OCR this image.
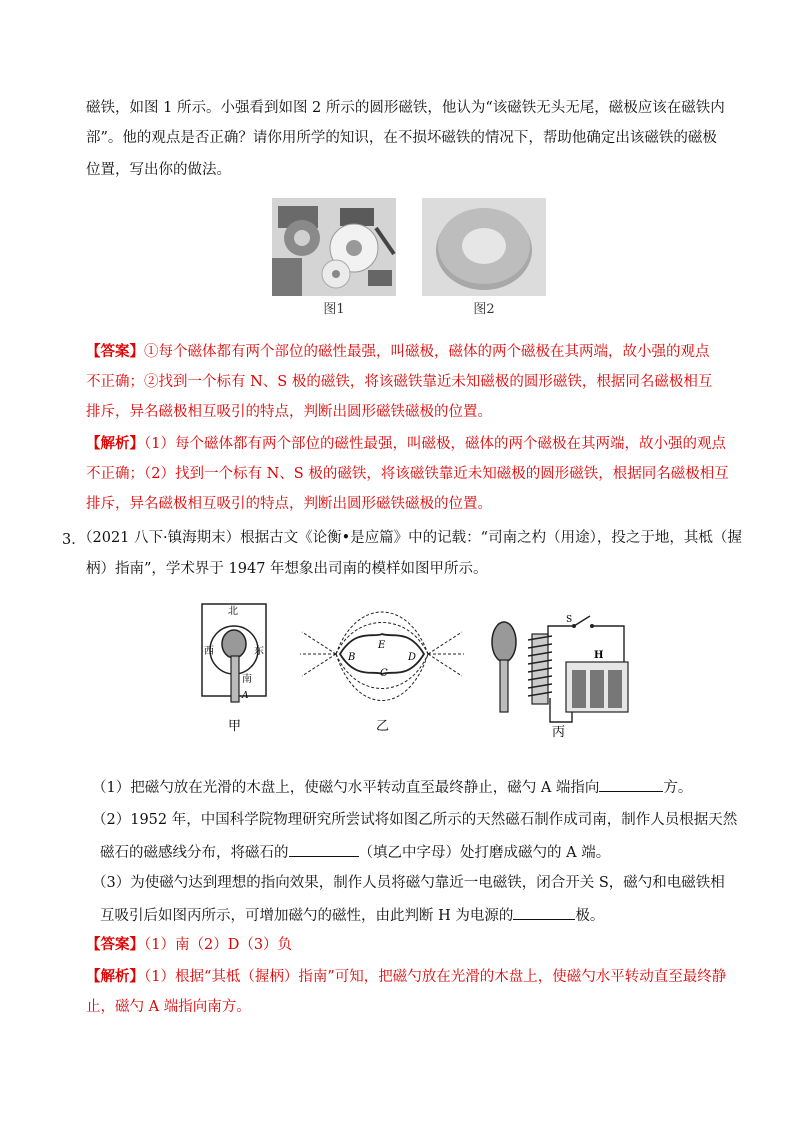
磁铁，如图 1 所示。小强看到如图 2 所示的圆形磁铁，他认为“该磁铁无头无尾，磁极应该在磁铁内
部”。他的观点是否正确？请你用所学的知识，在不损坏磁铁的情况下，帮助他确定出该磁铁的磁极
位置，写出你的做法。
图1	图2
【答案】①每个磁体都有两个部位的磁性最强，叫磁极，磁体的两个磁极在其两端，故小强的观点
不正确；②找到一个标有 N、S 极的磁铁，将该磁铁靠近未知磁极的圆形磁铁，根据同名磁极相互
排斥，异名磁极相互吸引的特点，判断出圆形磁铁磁极的位置。
【解析】（1）每个磁体都有两个部位的磁性最强，叫磁极，磁体的两个磁极在其两端，故小强的观点
不正确；（2）找到一个标有 N、S 极的磁铁，将该磁铁靠近未知磁极的圆形磁铁，根据同名磁极相互
排斥，异名磁极相互吸引的特点，判断出圆形磁铁磁极的位置。
3．
（2021 八下·镇海期末）根据古文《论衡•是应篇》中的记载：“司南之杓（用途），投之于地，其柢（握
柄）指南”，学术界于 1947 年想象出司南的模样如图甲所示。
北
西	东
南
A
甲
B
E
C
D
乙
S
H
丙
（1）把磁勺放在光滑的木盘上，使磁勺水平转动直至最终静止，磁勺 A 端指向	方。
（2）1952 年，中国科学院物理研究所尝试将如图乙所示的天然磁石制作成司南，制作人员根据天然
磁石的磁感线分布，将磁石的	（填乙中字母）处打磨成磁勺的 A 端。
（3）为使磁勺达到理想的指向效果，制作人员将磁勺靠近一电磁铁，闭合开关 S，磁勺和电磁铁相
互吸引后如图丙所示，可增加磁勺的磁性，由此判断 H 为电源的	极。
【答案】（1）南（2）D（3）负
【解析】（1）根据“其柢（握柄）指南”可知，把磁勺放在光滑的木盘上，使磁勺水平转动直至最终静
止，磁勺 A 端指向南方。
